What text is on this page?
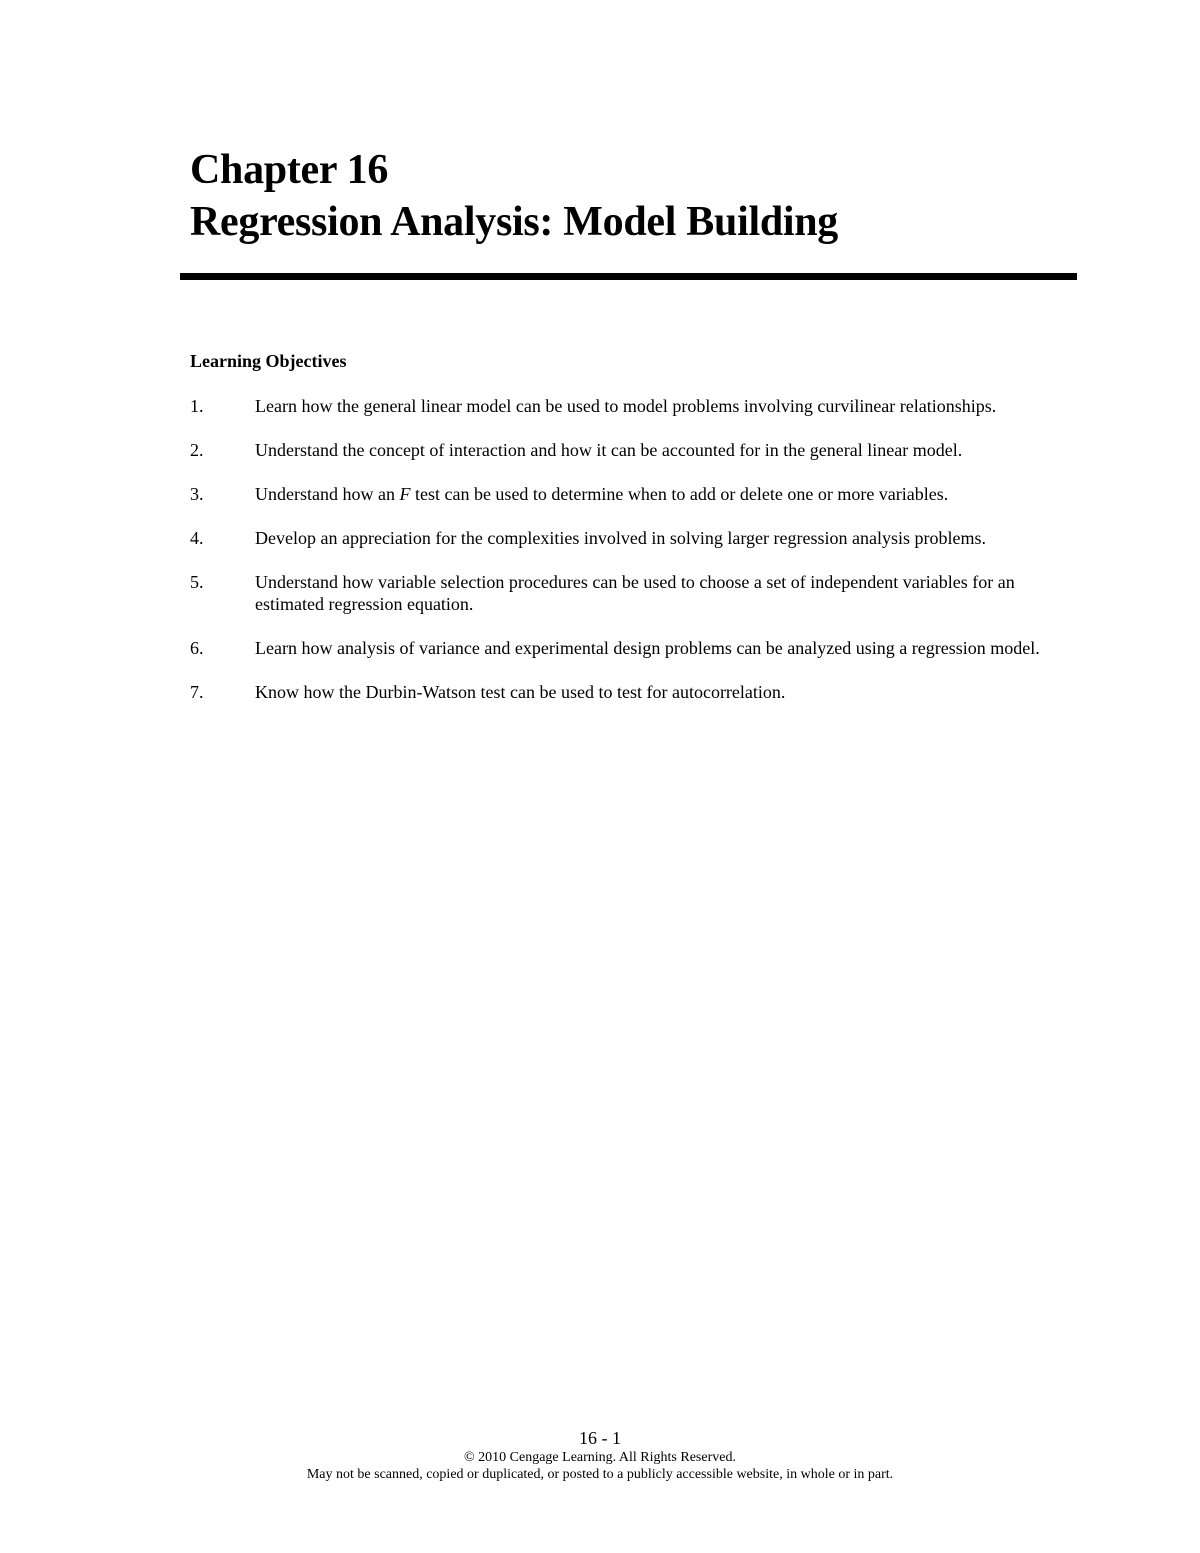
Chapter 16
Regression Analysis: Model Building
Learning Objectives
1.	Learn how the general linear model can be used to model problems involving curvilinear relationships.
2.	Understand the concept of interaction and how it can be accounted for in the general linear model.
3.	Understand how an F test can be used to determine when to add or delete one or more variables.
4.	Develop an appreciation for the complexities involved in solving larger regression analysis problems.
5.	Understand how variable selection procedures can be used to choose a set of independent variables for an estimated regression equation.
6.	Learn how analysis of variance and experimental design problems can be analyzed using a regression model.
7.	Know how the Durbin-Watson test can be used to test for autocorrelation.
16 - 1
© 2010 Cengage Learning. All Rights Reserved.
May not be scanned, copied or duplicated, or posted to a publicly accessible website, in whole or in part.
